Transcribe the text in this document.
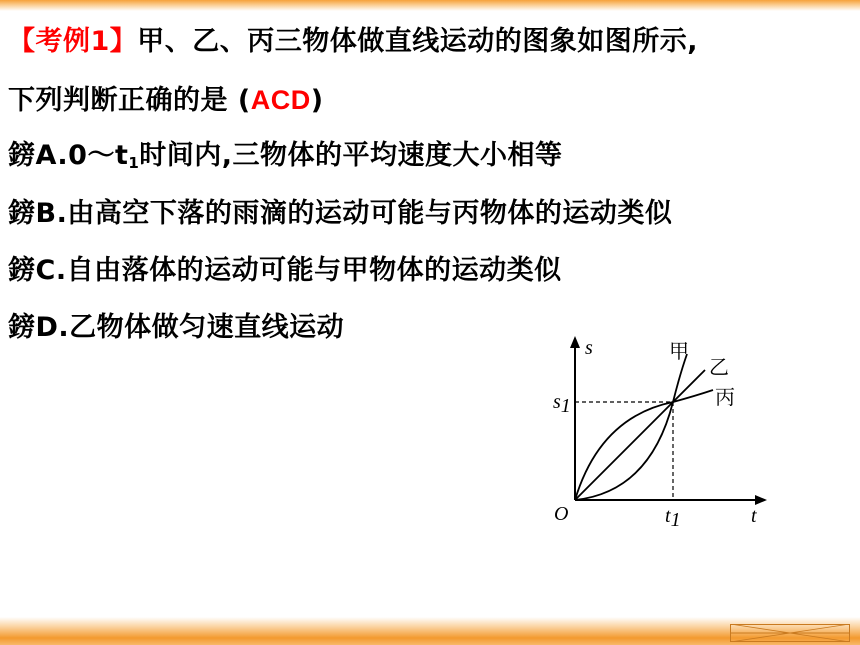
【考例1】甲、乙、丙三物体做直线运动的图象如图所示,
下列判断正确的是 (ACD)
鎊$A.0\sim t_1$时间内,三物体的平均速度大小相等
鎊B.由高空下落的雨滴的运动可能与丙物体的运动类似
鎊C.自由落体的运动可能与甲物体的运动类似
鎊D.乙物体做匀速直线运动
s
t
O
s1
t1
甲
乙
丙
